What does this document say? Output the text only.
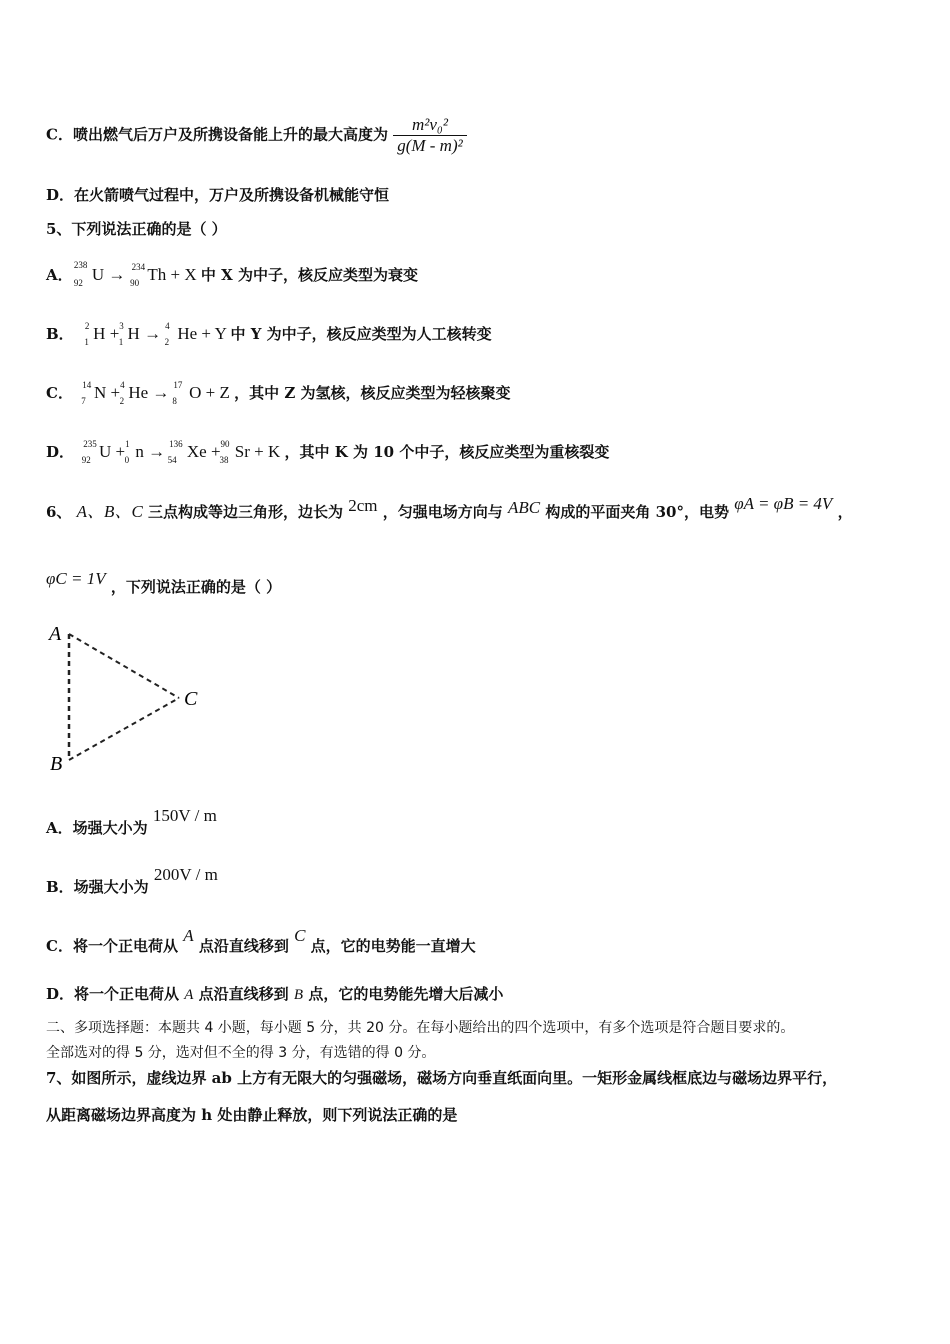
C．喷出燃气后万户及所携设备能上升的最大高度为 $\frac{\text{m²v₀²}}{\text{g(M - m)²}}$
D．在火箭喷气过程中，万户及所携设备机械能守恒
5、下列说法正确的是（ ）
A．
238
92 U → $^{234}_{90}$ Th + X 中 X 为中子，核反应类型为衰变
B． $^2_1$ H +$^3_1$ H → $^4_2$ He + Y 中 Y 为中子，核反应类型为人工核转变
C． $^{14}_7$ N +$^4_2$ He → $^{17}_8$ O + Z ，其中 Z 为氢核，核反应类型为轻核聚变
D． $^{235}_{92}$ U +$^1_0$ n → $^{136}_{54}$ Xe +$^{90}_{38}$ Sr + K ，其中 K 为 10 个中子，核反应类型为重核裂变
6、 A、B、C 三点构成等边三角形，边长为 2cm ，匀强电场方向与 ABC 构成的平面夹角 30°，电势 φA = φB = 4V ，
φC = 1V ，下列说法正确的是（ ）
A
B
C
A．场强大小为 150V / m
B．场强大小为 200V / m
C．将一个正电荷从 A 点沿直线移到 C 点，它的电势能一直增大
D．将一个正电荷从 A 点沿直线移到 B 点，它的电势能先增大后减小
二、多项选择题：本题共 4 小题，每小题 5 分，共 20 分。在每小题给出的四个选项中，有多个选项是符合题目要求的。
全部选对的得 5 分，选对但不全的得 3 分，有选错的得 0 分。
7、如图所示，虚线边界 ab 上方有无限大的匀强磁场，磁场方向垂直纸面向里。一矩形金属线框底边与磁场边界平行，
从距离磁场边界高度为 h 处由静止释放，则下列说法正确的是
